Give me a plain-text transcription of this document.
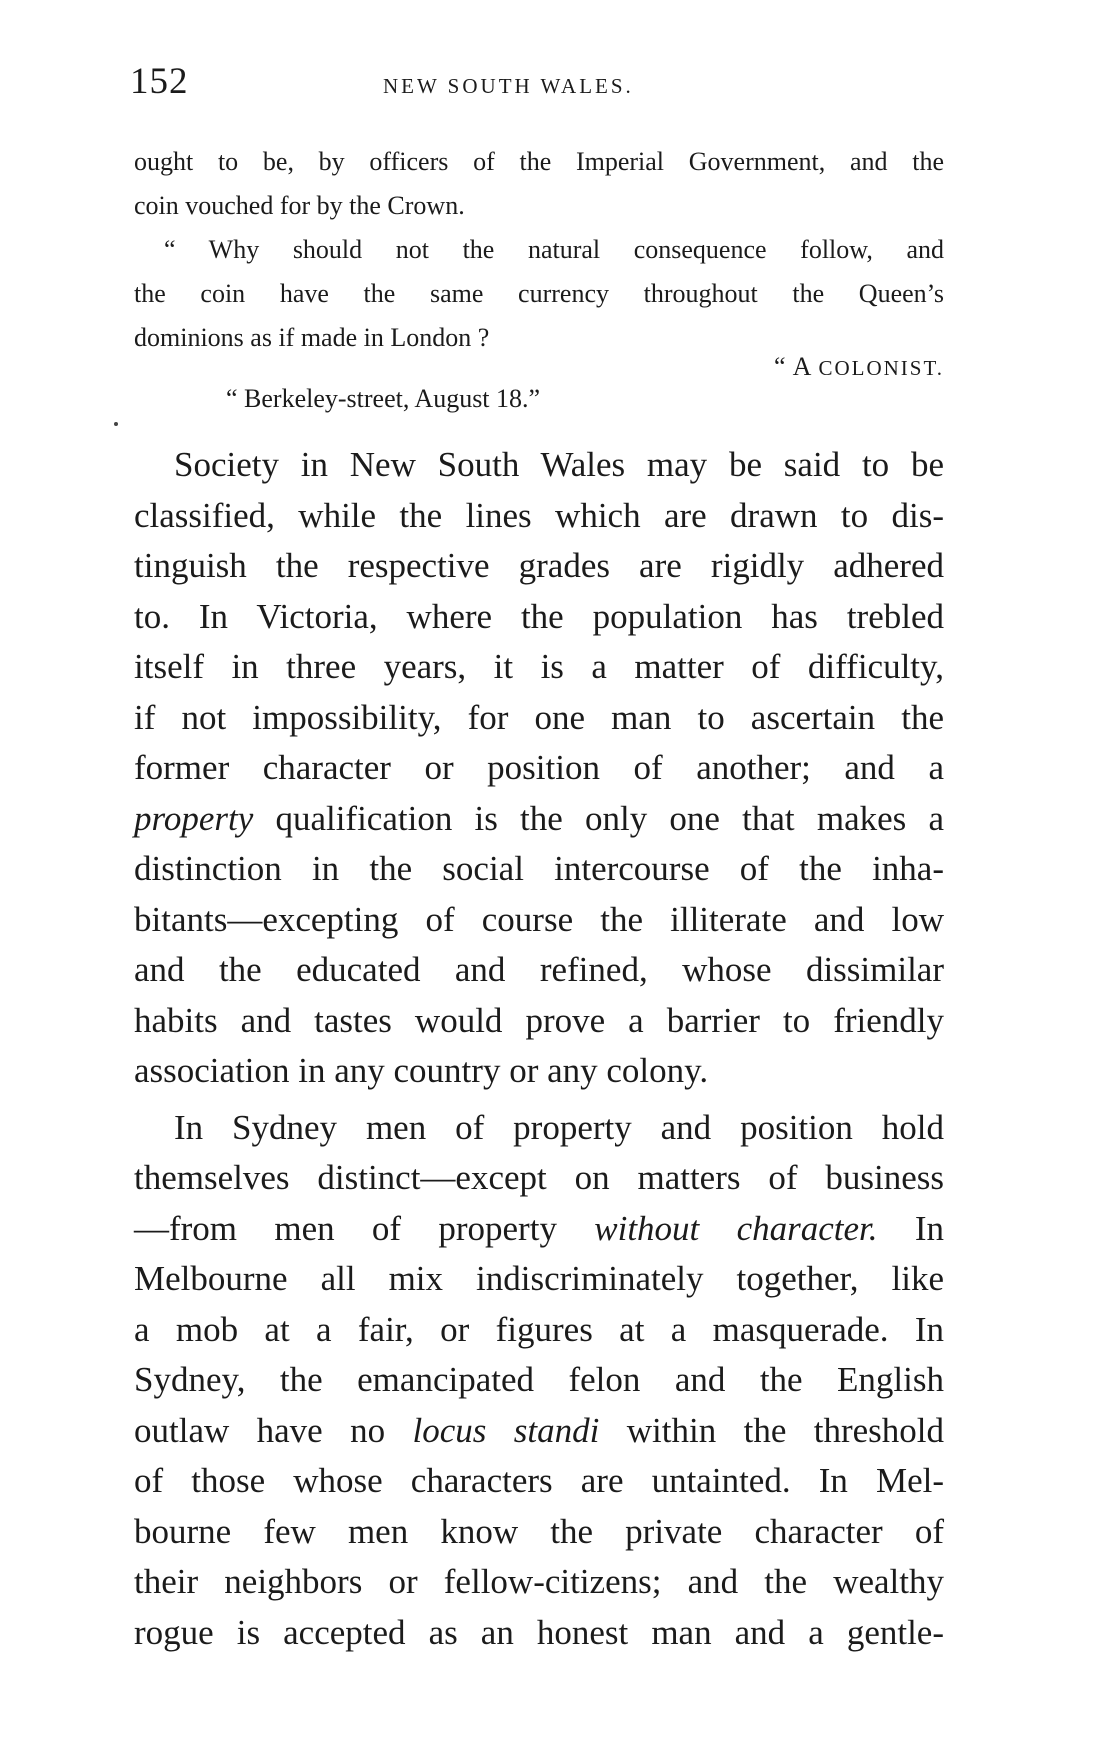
152	NEW SOUTH WALES.
ought to be, by officers of the Imperial Government, and the
coin vouched for by the Crown.
“ Why should not the natural consequence follow, and
the coin have the same currency throughout the Queen’s
dominions as if made in London ?
“ A COLONIST.
“ Berkeley-street, August 18.”
Society in New South Wales may be said to be
classified, while the lines which are drawn to dis-
tinguish the respective grades are rigidly adhered
to. In Victoria, where the population has trebled
itself in three years, it is a matter of difficulty,
if not impossibility, for one man to ascertain the
former character or position of another; and a
property qualification is the only one that makes a
distinction in the social intercourse of the inha-
bitants—excepting of course the illiterate and low
and the educated and refined, whose dissimilar
habits and tastes would prove a barrier to friendly
association in any country or any colony.
In Sydney men of property and position hold
themselves distinct—except on matters of business
—from men of property without character. In
Melbourne all mix indiscriminately together, like
a mob at a fair, or figures at a masquerade. In
Sydney, the emancipated felon and the English
outlaw have no locus standi within the threshold
of those whose characters are untainted. In Mel-
bourne few men know the private character of
their neighbors or fellow-citizens; and the wealthy
rogue is accepted as an honest man and a gentle-
